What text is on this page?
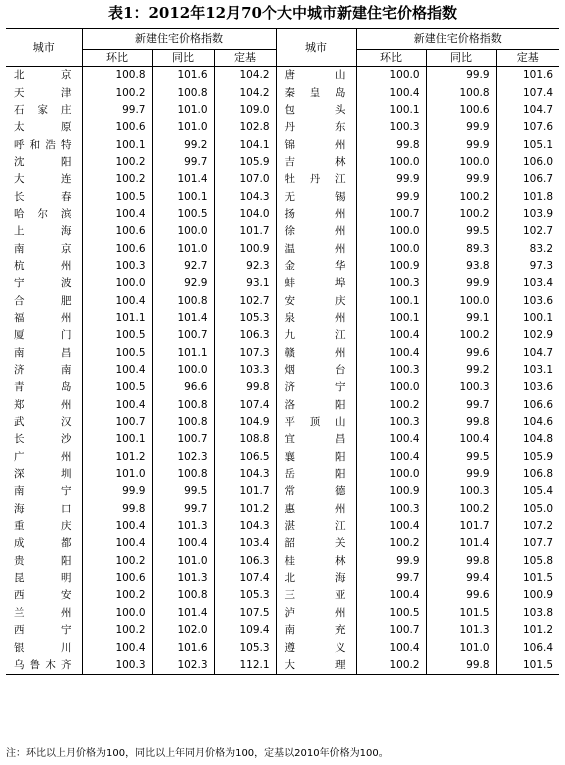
表1：2012年12月70个大中城市新建住宅价格指数
城市	新建住宅价格指数			城市	新建住宅价格指数		
	环比	同比	定基		环比	同比	定基
北京	100.8	101.6	104.2	唐山	100.0	99.9	101.6
天津	100.2	100.8	104.2	秦皇岛	100.4	100.8	107.4
石家庄	99.7	101.0	109.0	包头	100.1	100.6	104.7
太原	100.6	101.0	102.8	丹东	100.3	99.9	107.6
呼和浩特	100.1	99.2	104.1	锦州	99.8	99.9	105.1
沈阳	100.2	99.7	105.9	吉林	100.0	100.0	106.0
大连	100.2	101.4	107.0	牡丹江	99.9	99.9	106.7
长春	100.5	100.1	104.3	无锡	99.9	100.2	101.8
哈尔滨	100.4	100.5	104.0	扬州	100.7	100.2	103.9
上海	100.6	100.0	101.7	徐州	100.0	99.5	102.7
南京	100.6	101.0	100.9	温州	100.0	89.3	83.2
杭州	100.3	92.7	92.3	金华	100.9	93.8	97.3
宁波	100.0	92.9	93.1	蚌埠	100.3	99.9	103.4
合肥	100.4	100.8	102.7	安庆	100.1	100.0	103.6
福州	101.1	101.4	105.3	泉州	100.1	99.1	100.1
厦门	100.5	100.7	106.3	九江	100.4	100.2	102.9
南昌	100.5	101.1	107.3	赣州	100.4	99.6	104.7
济南	100.4	100.0	103.3	烟台	100.3	99.2	103.1
青岛	100.5	96.6	99.8	济宁	100.0	100.3	103.6
郑州	100.4	100.8	107.4	洛阳	100.2	99.7	106.6
武汉	100.7	100.8	104.9	平顶山	100.3	99.8	104.6
长沙	100.1	100.7	108.8	宜昌	100.4	100.4	104.8
广州	101.2	102.3	106.5	襄阳	100.4	99.5	105.9
深圳	101.0	100.8	104.3	岳阳	100.0	99.9	106.8
南宁	99.9	99.5	101.7	常德	100.9	100.3	105.4
海口	99.8	99.7	101.2	惠州	100.3	100.2	105.0
重庆	100.4	101.3	104.3	湛江	100.4	101.7	107.2
成都	100.4	100.4	103.4	韶关	100.2	101.4	107.7
贵阳	100.2	101.0	106.3	桂林	99.9	99.8	105.8
昆明	100.6	101.3	107.4	北海	99.7	99.4	101.5
西安	100.2	100.8	105.3	三亚	100.4	99.6	100.9
兰州	100.0	101.4	107.5	泸州	100.5	101.5	103.8
西宁	100.2	102.0	109.4	南充	100.7	101.3	101.2
银川	100.4	101.6	105.3	遵义	100.4	101.0	106.4
乌鲁木齐	100.3	102.3	112.1	大理	100.2	99.8	101.5
注：环比以上月价格为100，同比以上年同月价格为100，定基以2010年价格为100。
